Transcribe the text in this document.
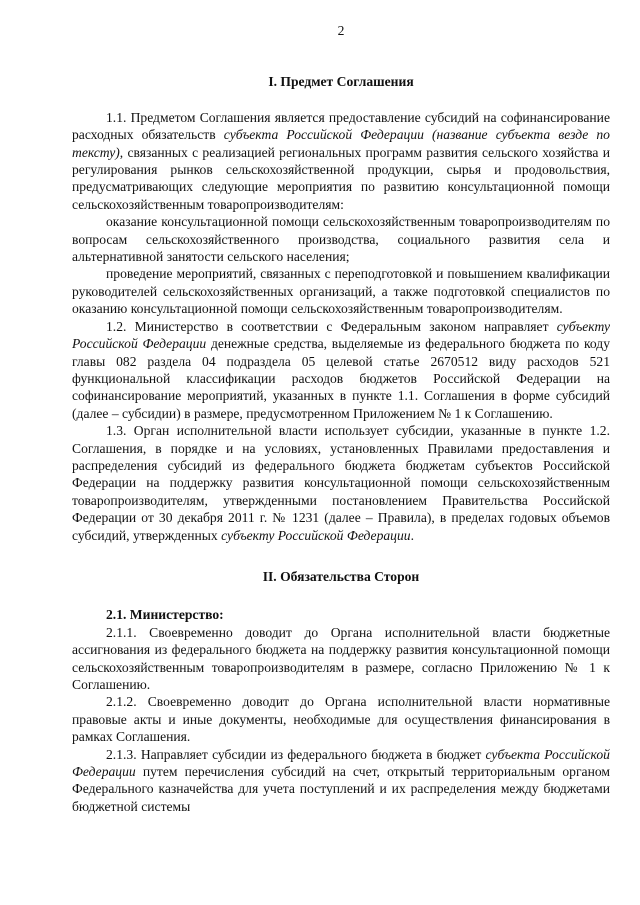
2
I. Предмет Соглашения

1.1. Предметом Соглашения является предоставление субсидий на софинансирование расходных обязательств субъекта Российской Федерации (название субъекта везде по тексту), связанных с реализацией региональных программ развития сельского хозяйства и регулирования рынков сельскохозяйственной продукции, сырья и продовольствия, предусматривающих следующие мероприятия по развитию консультационной помощи сельскохозяйственным товаропроизводителям:

оказание консультационной помощи сельскохозяйственным товаропроизводителям по вопросам сельскохозяйственного производства, социального развития села и альтернативной занятости сельского населения;

проведение мероприятий, связанных с переподготовкой и повышением квалификации руководителей сельскохозяйственных организаций, а также подготовкой специалистов по оказанию консультационной помощи сельскохозяйственным товаропроизводителям.

1.2. Министерство в соответствии с Федеральным законом направляет субъекту Российской Федерации денежные средства, выделяемые из федерального бюджета по коду главы 082 раздела 04 подраздела 05 целевой статье 2670512 виду расходов 521 функциональной классификации расходов бюджетов Российской Федерации на софинансирование мероприятий, указанных в пункте 1.1. Соглашения в форме субсидий (далее – субсидии) в размере, предусмотренном Приложением № 1 к Соглашению.

1.3. Орган исполнительной власти использует субсидии, указанные в пункте 1.2. Соглашения, в порядке и на условиях, установленных Правилами предоставления и распределения субсидий из федерального бюджета бюджетам субъектов Российской Федерации на поддержку развития консультационной помощи сельскохозяйственным товаропроизводителям, утвержденными постановлением Правительства Российской Федерации от 30 декабря 2011 г. № 1231 (далее – Правила), в пределах годовых объемов субсидий, утвержденных субъекту Российской Федерации.

II. Обязательства Сторон

2.1. Министерство:

2.1.1. Своевременно доводит до Органа исполнительной власти бюджетные ассигнования из федерального бюджета на поддержку развития консультационной помощи сельскохозяйственным товаропроизводителям в размере, согласно Приложению № 1 к Соглашению.

2.1.2. Своевременно доводит до Органа исполнительной власти нормативные правовые акты и иные документы, необходимые для осуществления финансирования в рамках Соглашения.

2.1.3. Направляет субсидии из федерального бюджета в бюджет субъекта Российской Федерации путем перечисления субсидий на счет, открытый территориальным органом Федерального казначейства для учета поступлений и их распределения между бюджетами бюджетной системы
